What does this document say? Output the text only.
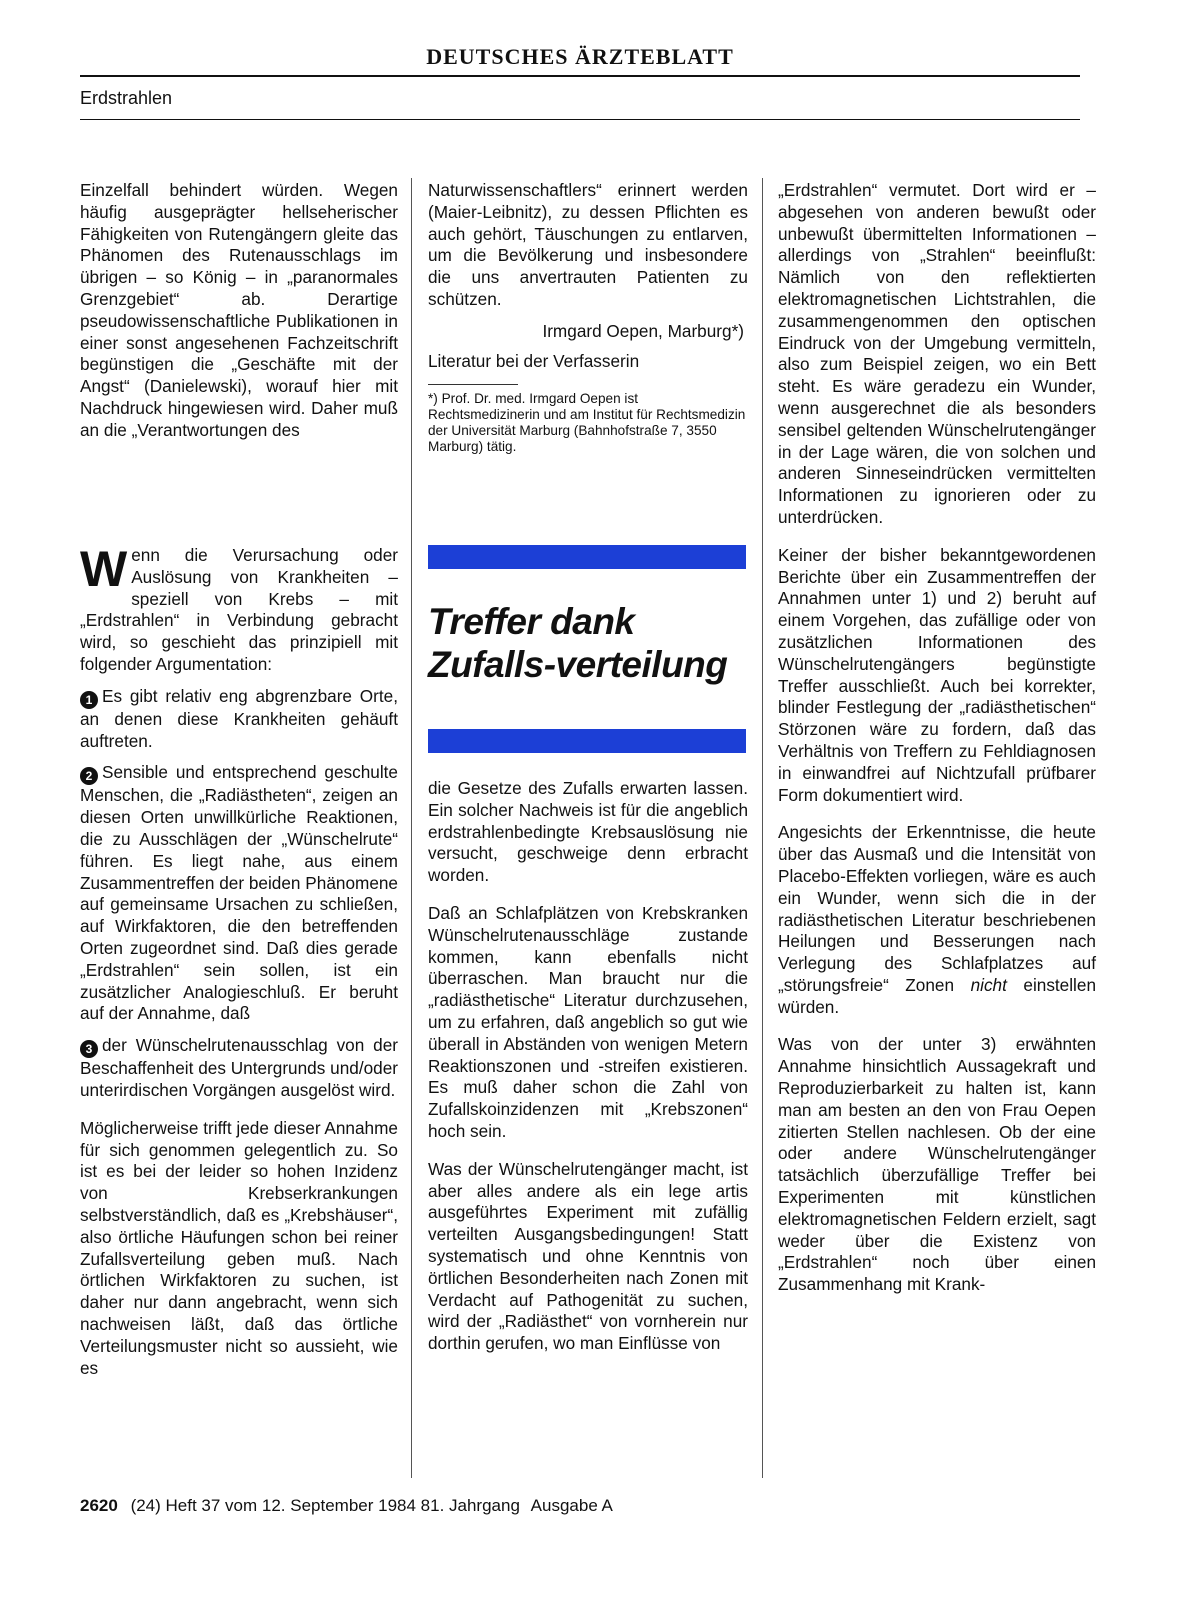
DEUTSCHES ÄRZTEBLATT
Erdstrahlen

Einzelfall behindert würden. Wegen häufig ausgeprägter hellseherischer Fähigkeiten von Rutengängern gleite das Phänomen des Rutenausschlags im übrigen – so König – in „paranormales Grenzgebiet“ ab. Derartige pseudowissenschaftliche Publikationen in einer sonst angesehenen Fachzeitschrift begünstigen die „Geschäfte mit der Angst“ (Danielewski), worauf hier mit Nachdruck hingewiesen wird. Daher muß an die „Verantwortungen des

Naturwissenschaftlers“ erinnert werden (Maier-Leibnitz), zu dessen Pflichten es auch gehört, Täuschungen zu entlarven, um die Bevölkerung und insbesondere die uns anvertrauten Patienten zu schützen.

Irmgard Oepen, Marburg*)
Literatur bei der Verfasserin
*) Prof. Dr. med. Irmgard Oepen ist Rechtsmedizinerin und am Institut für Rechtsmedizin der Universität Marburg (Bahnhofstraße 7, 3550 Marburg) tätig.
Treffer dank Zufalls-verteilung

Wenn die Verursachung oder Auslösung von Krankheiten – speziell von Krebs – mit „Erdstrahlen“ in Verbindung gebracht wird, so geschieht das prinzipiell mit folgender Argumentation:

1 Es gibt relativ eng abgrenzbare Orte, an denen diese Krankheiten gehäuft auftreten.

2 Sensible und entsprechend geschulte Menschen, die „Radiästheten“, zeigen an diesen Orten unwillkürliche Reaktionen, die zu Ausschlägen der „Wünschelrute“ führen. Es liegt nahe, aus einem Zusammentreffen der beiden Phänomene auf gemeinsame Ursachen zu schließen, auf Wirkfaktoren, die den betreffenden Orten zugeordnet sind. Daß dies gerade „Erdstrahlen“ sein sollen, ist ein zusätzlicher Analogieschluß. Er beruht auf der Annahme, daß

3 der Wünschelrutenausschlag von der Beschaffenheit des Untergrunds und/oder unterirdischen Vorgängen ausgelöst wird.

Möglicherweise trifft jede dieser Annahme für sich genommen gelegentlich zu. So ist es bei der leider so hohen Inzidenz von Krebserkrankungen selbstverständlich, daß es „Krebshäuser“, also örtliche Häufungen schon bei reiner Zufallsverteilung geben muß. Nach örtlichen Wirkfaktoren zu suchen, ist daher nur dann angebracht, wenn sich nachweisen läßt, daß das örtliche Verteilungsmuster nicht so aussieht, wie es

die Gesetze des Zufalls erwarten lassen. Ein solcher Nachweis ist für die angeblich erdstrahlenbedingte Krebsauslösung nie versucht, geschweige denn erbracht worden.

Daß an Schlafplätzen von Krebskranken Wünschelrutenausschläge zustande kommen, kann ebenfalls nicht überraschen. Man braucht nur die „radiästhetische“ Literatur durchzusehen, um zu erfahren, daß angeblich so gut wie überall in Abständen von wenigen Metern Reaktionszonen und -streifen existieren. Es muß daher schon die Zahl von Zufallskoinzidenzen mit „Krebszonen“ hoch sein.

Was der Wünschelrutengänger macht, ist aber alles andere als ein lege artis ausgeführtes Experiment mit zufällig verteilten Ausgangsbedingungen! Statt systematisch und ohne Kenntnis von örtlichen Besonderheiten nach Zonen mit Verdacht auf Pathogenität zu suchen, wird der „Radiästhet“ von vornherein nur dorthin gerufen, wo man Einflüsse von

„Erdstrahlen“ vermutet. Dort wird er – abgesehen von anderen bewußt oder unbewußt übermittelten Informationen – allerdings von „Strahlen“ beeinflußt: Nämlich von den reflektierten elektromagnetischen Lichtstrahlen, die zusammengenommen den optischen Eindruck von der Umgebung vermitteln, also zum Beispiel zeigen, wo ein Bett steht. Es wäre geradezu ein Wunder, wenn ausgerechnet die als besonders sensibel geltenden Wünschelrutengänger in der Lage wären, die von solchen und anderen Sinneseindrücken vermittelten Informationen zu ignorieren oder zu unterdrücken.

Keiner der bisher bekanntgewordenen Berichte über ein Zusammentreffen der Annahmen unter 1) und 2) beruht auf einem Vorgehen, das zufällige oder von zusätzlichen Informationen des Wünschelrutengängers begünstigte Treffer ausschließt. Auch bei korrekter, blinder Festlegung der „radiästhetischen“ Störzonen wäre zu fordern, daß das Verhältnis von Treffern zu Fehldiagnosen in einwandfrei auf Nichtzufall prüfbarer Form dokumentiert wird.

Angesichts der Erkenntnisse, die heute über das Ausmaß und die Intensität von Placebo-Effekten vorliegen, wäre es auch ein Wunder, wenn sich die in der radiästhetischen Literatur beschriebenen Heilungen und Besserungen nach Verlegung des Schlafplatzes auf „störungsfreie“ Zonen nicht einstellen würden.

Was von der unter 3) erwähnten Annahme hinsichtlich Aussagekraft und Reproduzierbarkeit zu halten ist, kann man am besten an den von Frau Oepen zitierten Stellen nachlesen. Ob der eine oder andere Wünschelrutengänger tatsächlich überzufällige Treffer bei Experimenten mit künstlichen elektromagnetischen Feldern erzielt, sagt weder über die Existenz von „Erdstrahlen“ noch über einen Zusammenhang mit Krank-

2620 (24) Heft 37 vom 12. September 1984 81. Jahrgang Ausgabe A
